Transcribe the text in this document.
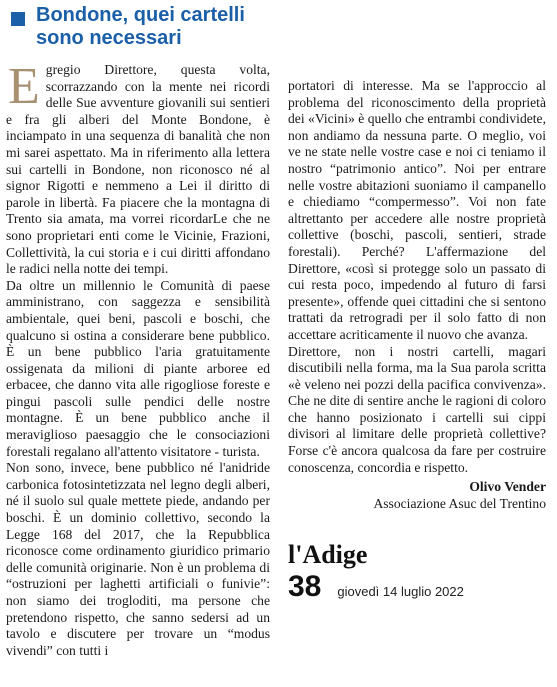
Bondone, quei cartelli
sono necessari

Egregio Direttore, questa volta, scorrazzando con la mente nei ricordi delle Sue avventure giovanili sui sentieri e fra gli alberi del Monte Bondone, è inciampato in una sequenza di banalità che non mi sarei aspettato. Ma in riferimento alla lettera sui cartelli in Bondone, non riconosco né al signor Rigotti e nemmeno a Lei il diritto di parole in libertà. Fa piacere che la montagna di Trento sia amata, ma vorrei ricordarLe che ne sono proprietari enti come le Vicinie, Frazioni, Collettività, la cui storia e i cui diritti affondano le radici nella notte dei tempi.

Da oltre un millennio le Comunità di paese amministrano, con saggezza e sensibilità ambientale, quei beni, pascoli e boschi, che qualcuno si ostina a considerare bene pubblico. È un bene pubblico l'aria gratuitamente ossigenata da milioni di piante arboree ed erbacee, che danno vita alle rigogliose foreste e pingui pascoli sulle pendici delle nostre montagne. È un bene pubblico anche il meraviglioso paesaggio che le consociazioni forestali regalano all'attento visitatore - turista.

Non sono, invece, bene pubblico né l'anidride carbonica fotosintetizzata nel legno degli alberi, né il suolo sul quale mettete piede, andando per boschi. È un dominio collettivo, secondo la Legge 168 del 2017, che la Repubblica riconosce come ordinamento giuridico primario delle comunità originarie. Non è un problema di “ostruzioni per laghetti artificiali o funivie”: non siamo dei trogloditi, ma persone che pretendono rispetto, che sanno sedersi ad un tavolo e discutere per trovare un “modus vivendi” con tutti i

portatori di interesse. Ma se l'approccio al problema del riconoscimento della proprietà dei «Vicini» è quello che entrambi condividete, non andiamo da nessuna parte. O meglio, voi ve ne state nelle vostre case e noi ci teniamo il nostro “patrimonio antico”. Noi per entrare nelle vostre abitazioni suoniamo il campanello e chiediamo “compermesso”. Voi non fate altrettanto per accedere alle nostre proprietà collettive (boschi, pascoli, sentieri, strade forestali). Perché? L'affermazione del Direttore, «così si protegge solo un passato di cui resta poco, impedendo al futuro di farsi presente», offende quei cittadini che si sentono trattati da retrogradi per il solo fatto di non accettare acriticamente il nuovo che avanza.

Direttore, non i nostri cartelli, magari discutibili nella forma, ma la Sua parola scritta «è veleno nei pozzi della pacifica convivenza». Che ne dite di sentire anche le ragioni di coloro che hanno posizionato i cartelli sui cippi divisori al limitare delle proprietà collettive? Forse c'è ancora qualcosa da fare per costruire conoscenza, concordia e rispetto.

Olivo Vender
Associazione Asuc del Trentino
l'Adige
38 giovedì 14 luglio 2022
